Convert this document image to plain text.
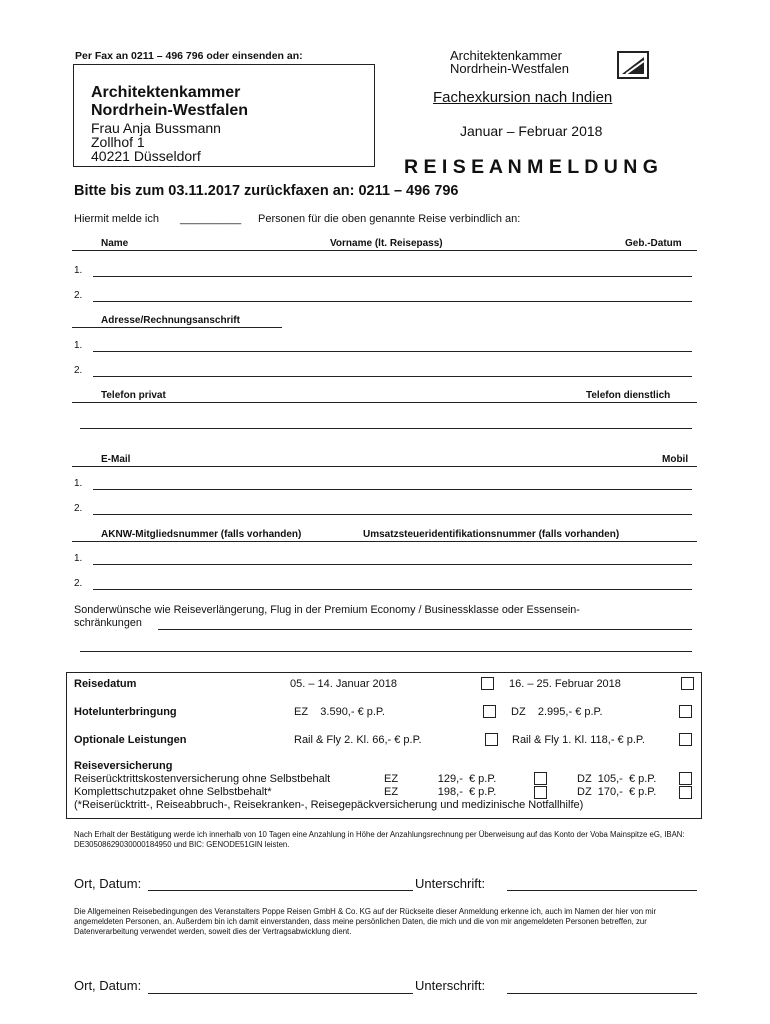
Per Fax an 0211 – 496 796 oder einsenden an:	Architektenkammer
Nordrhein-Westfalen
Architektenkammer
Nordrhein-Westfalen
Frau Anja Bussmann
Zollhof 1
40221 Düsseldorf
Fachexkursion nach Indien
Januar – Februar 2018
R E I S E A N M E L D U N G
Bitte bis zum 03.11.2017 zurückfaxen an: 0211 – 496 796
Hiermit melde ich __________ Personen für die oben genannte Reise verbindlich an:
Name	Vorname (lt. Reisepass)	Geb.-Datum
1.
2.
Adresse/Rechnungsanschrift
1.
2.
Telefon privat	Telefon dienstlich
E-Mail	Mobil
1.
2.
AKNW-Mitgliedsnummer (falls vorhanden)	Umsatzsteueridentifikationsnummer (falls vorhanden)
1.
2.
Sonderwünsche wie Reiseverlängerung, Flug in der Premium Economy / Businessklasse oder Essensein-
schränkungen
Reisedatum	05. – 14. Januar 2018	16. – 25. Februar 2018
Hotelunterbringung	EZ    3.590,- € p.P.	DZ    2.995,- € p.P.
Optionale Leistungen	Rail & Fly 2. Kl. 66,- € p.P.	Rail & Fly 1. Kl. 118,- € p.P.
Reiseversicherung
Reiserücktrittskostenversicherung ohne Selbstbehalt	EZ             129,-  € p.P.	DZ  105,-  € p.P.
Komplettschutzpaket ohne Selbstbehalt*	EZ             198,-  € p.P.	DZ  170,-  € p.P.
(*Reiserücktritt-, Reiseabbruch-, Reisekranken-, Reisegepäckversicherung und medizinische Notfallhilfe)
Nach Erhalt der Bestätigung werde ich innerhalb von 10 Tagen eine Anzahlung in Höhe der Anzahlungsrechnung per Überweisung auf das Konto der Voba Mainspitze eG, IBAN: DE30508629030000184950 und BIC: GENODE51GIN leisten.
Ort, Datum:	Unterschrift:
Die Allgemeinen Reisebedingungen des Veranstalters Poppe Reisen GmbH & Co. KG auf der Rückseite dieser Anmeldung erkenne ich, auch im Namen der hier von mir angemeldeten Personen, an. Außerdem bin ich damit einverstanden, dass meine persönlichen Daten, die mich und die von mir angemeldeten Personen betreffen, zur Datenverarbeitung verwendet werden, soweit dies der Vertragsabwicklung dient.
Ort, Datum:	Unterschrift:
